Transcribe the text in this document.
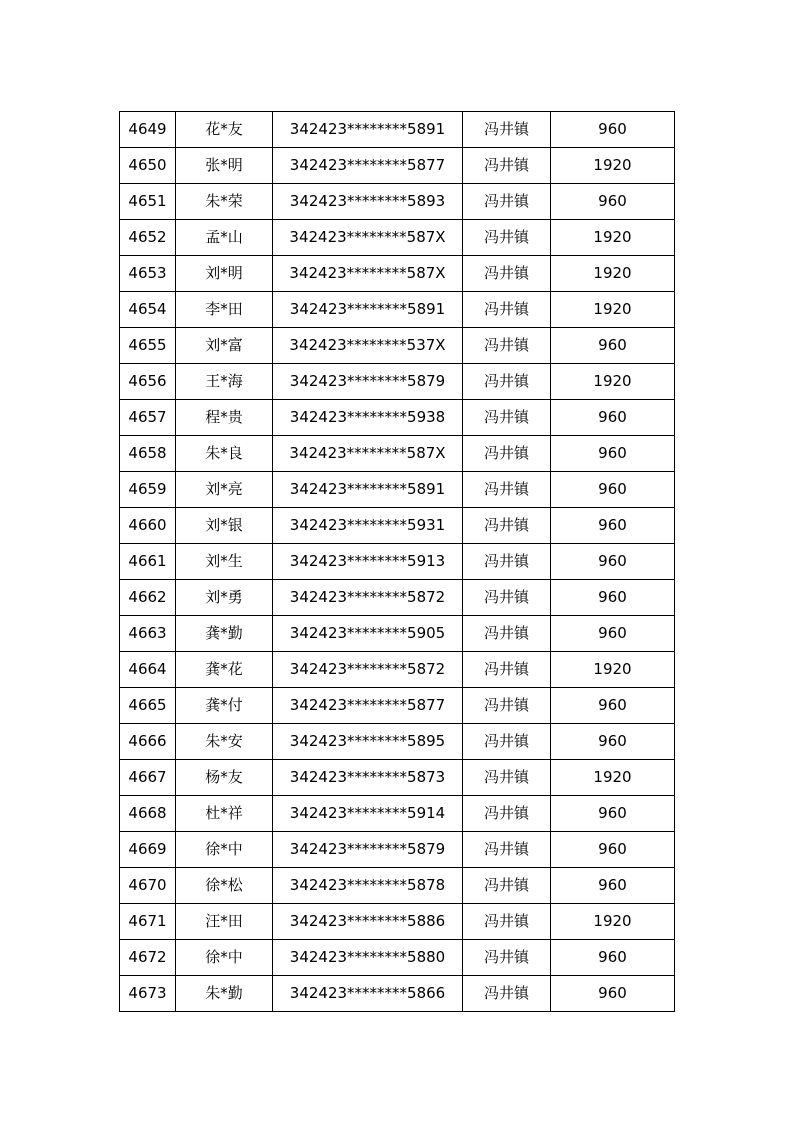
4649	花*友	342423********5891	冯井镇	960
4650	张*明	342423********5877	冯井镇	1920
4651	朱*荣	342423********5893	冯井镇	960
4652	孟*山	342423********587X	冯井镇	1920
4653	刘*明	342423********587X	冯井镇	1920
4654	李*田	342423********5891	冯井镇	1920
4655	刘*富	342423********537X	冯井镇	960
4656	王*海	342423********5879	冯井镇	1920
4657	程*贵	342423********5938	冯井镇	960
4658	朱*良	342423********587X	冯井镇	960
4659	刘*亮	342423********5891	冯井镇	960
4660	刘*银	342423********5931	冯井镇	960
4661	刘*生	342423********5913	冯井镇	960
4662	刘*勇	342423********5872	冯井镇	960
4663	龚*勤	342423********5905	冯井镇	960
4664	龚*花	342423********5872	冯井镇	1920
4665	龚*付	342423********5877	冯井镇	960
4666	朱*安	342423********5895	冯井镇	960
4667	杨*友	342423********5873	冯井镇	1920
4668	杜*祥	342423********5914	冯井镇	960
4669	徐*中	342423********5879	冯井镇	960
4670	徐*松	342423********5878	冯井镇	960
4671	汪*田	342423********5886	冯井镇	1920
4672	徐*中	342423********5880	冯井镇	960
4673	朱*勤	342423********5866	冯井镇	960
